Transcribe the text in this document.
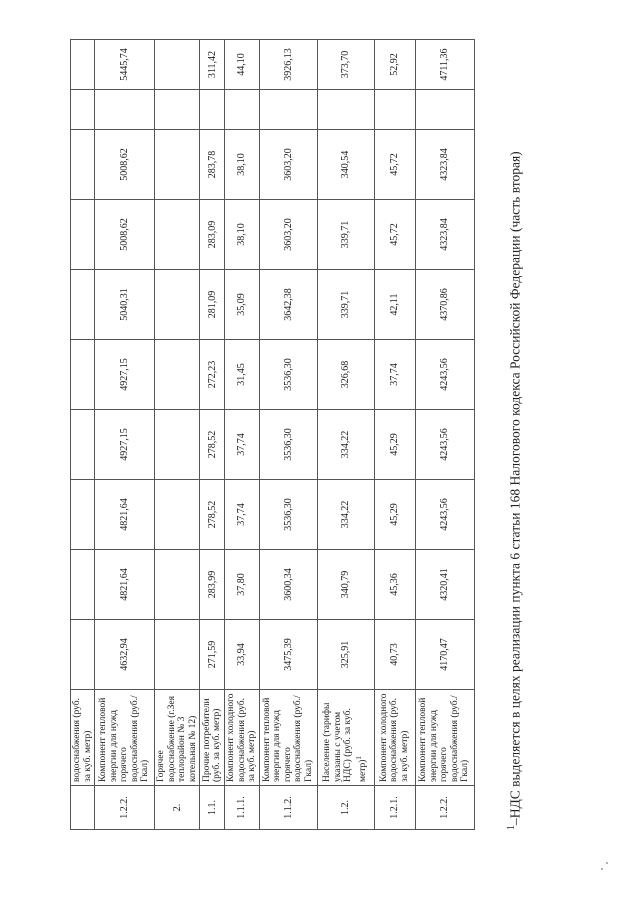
	водоснабжения (руб. за куб. метр)										
1.2.2.	Компонент тепловой энергии для нужд горячего водоснабжения (руб./Гкал)	4632,94	4821,64	4821,64	4927,15	4927,15	5040,31	5008,62	5008,62		5445,74
2.	Горячее водоснабжение (г.Зея теплорайон № 3 котельная № 12)										
1.1.	Прочие потребители (руб. за куб. метр)	271,59	283,99	278,52	278,52	272,23	281,09	283,09	283,78		311,42
1.1.1.	Компонент холодного водоснабжения (руб. за куб. метр)	33,94	37,80	37,74	37,74	31,45	35,09	38,10	38,10		44,10
1.1.2.	Компонент тепловой энергии для нужд горячего водоснабжения (руб./Гкал)	3475,39	3600,34	3536,30	3536,30	3536,30	3642,38	3603,20	3603,20		3926,13
1.2.	Население (тарифы указаны с учетом НДС) (руб. за куб. метр)$^1$	325,91	340,79	334,22	334,22	326,68	339,71	339,71	340,54		373,70
1.2.1.	Компонент холодного водоснабжения (руб. за куб. метр)	40,73	45,36	45,29	45,29	37,74	42,11	45,72	45,72		52,92
1.2.2.	Компонент тепловой энергии для нужд горячего водоснабжения (руб./Гкал)	4170,47	4320,41	4243,56	4243,56	4243,56	4370,86	4323,84	4323,84		4711,36
$^1$–НДС выделяется в целях реализации пункта 6 статьи 168 Налогового кодекса Российской Федерации (часть вторая)
